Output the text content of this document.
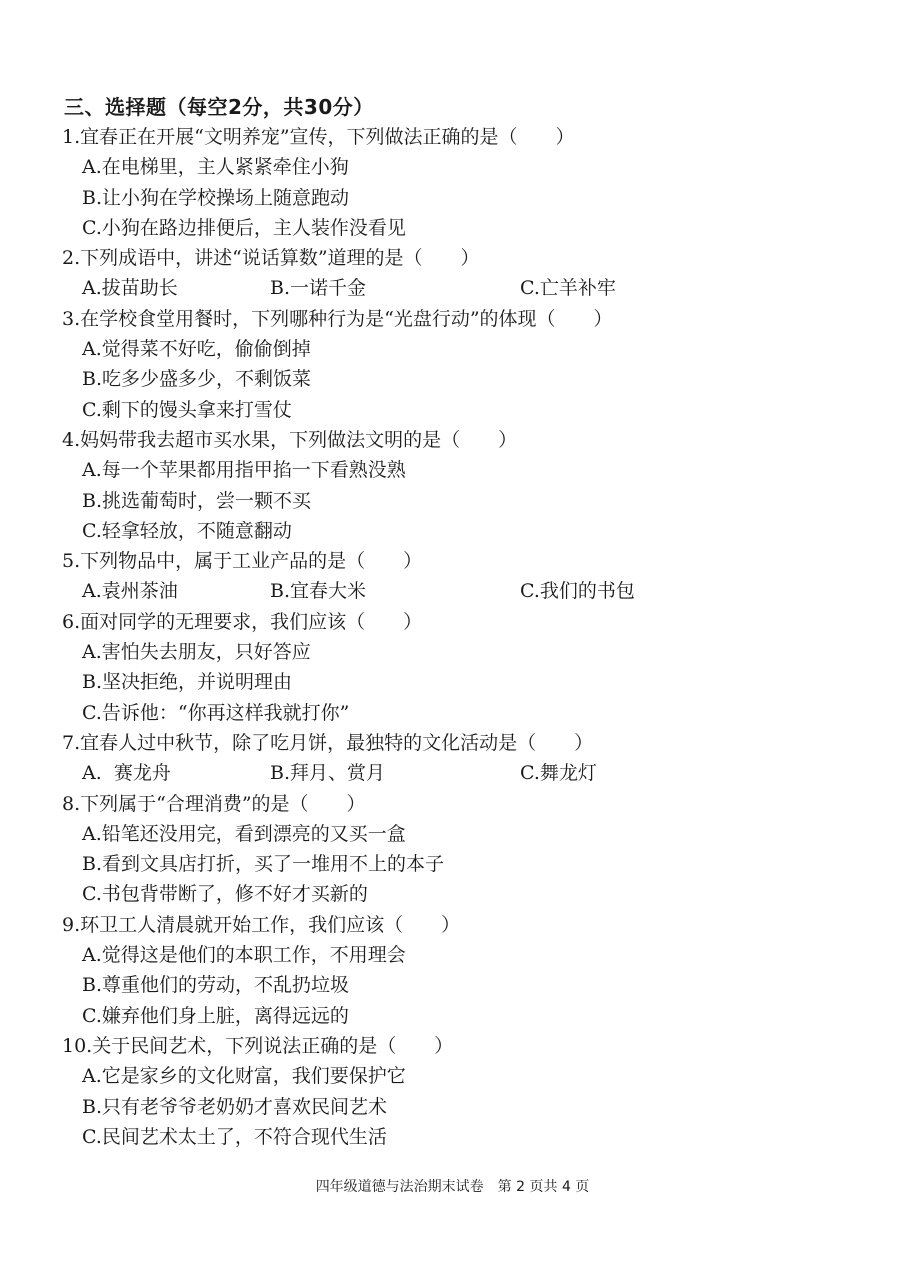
三、选择题（每空2分，共30分）
1.宜春正在开展“文明养宠”宣传，下列做法正确的是（　　）
A.在电梯里，主人紧紧牵住小狗
B.让小狗在学校操场上随意跑动
C.小狗在路边排便后，主人装作没看见
2.下列成语中，讲述“说话算数”道理的是（　　）
A.拔苗助长	B.一诺千金	C.亡羊补牢
3.在学校食堂用餐时，下列哪种行为是“光盘行动”的体现（　　）
A.觉得菜不好吃，偷偷倒掉
B.吃多少盛多少，不剩饭菜
C.剩下的馒头拿来打雪仗
4.妈妈带我去超市买水果，下列做法文明的是（　　）
A.每一个苹果都用指甲掐一下看熟没熟
B.挑选葡萄时，尝一颗不买
C.轻拿轻放，不随意翻动
5.下列物品中，属于工业产品的是（　　）
A.袁州茶油	B.宜春大米	C.我们的书包
6.面对同学的无理要求，我们应该（　　）
A.害怕失去朋友，只好答应
B.坚决拒绝，并说明理由
C.告诉他：“你再这样我就打你”
7.宜春人过中秋节，除了吃月饼，最独特的文化活动是（　　）
A.  赛龙舟	B.拜月、赏月	C.舞龙灯
8.下列属于“合理消费”的是（　　）
A.铅笔还没用完，看到漂亮的又买一盒
B.看到文具店打折，买了一堆用不上的本子
C.书包背带断了，修不好才买新的
9.环卫工人清晨就开始工作，我们应该（　　）
A.觉得这是他们的本职工作，不用理会
B.尊重他们的劳动，不乱扔垃圾
C.嫌弃他们身上脏，离得远远的
10.关于民间艺术，下列说法正确的是（　　）
A.它是家乡的文化财富，我们要保护它
B.只有老爷爷老奶奶才喜欢民间艺术
C.民间艺术太土了，不符合现代生活
四年级道德与法治期末试卷　第 2 页共 4 页
